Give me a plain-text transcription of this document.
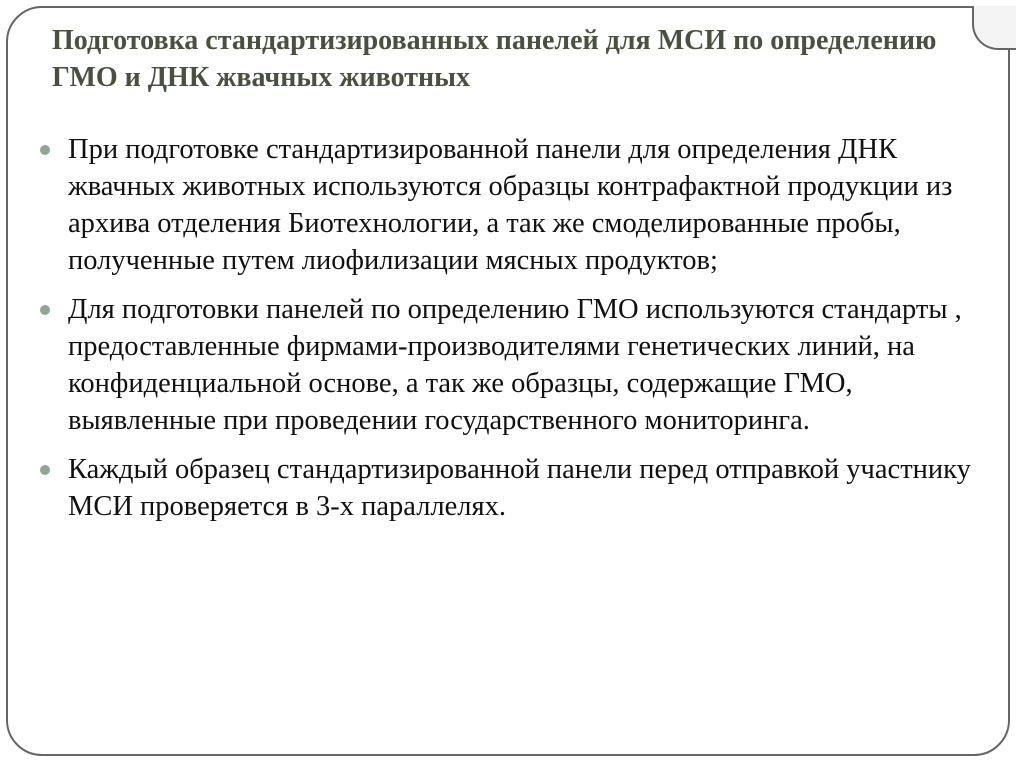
Подготовка стандартизированных панелей для МСИ по определению ГМО и ДНК жвачных животных
При подготовке стандартизированной панели для определения ДНК жвачных животных используются образцы контрафактной продукции из архива отделения Биотехнологии, а так же смоделированные пробы, полученные путем лиофилизации мясных продуктов;
Для подготовки панелей по определению ГМО используются стандарты , предоставленные фирмами-производителями генетических линий, на конфиденциальной основе, а так же образцы, содержащие ГМО, выявленные при проведении государственного мониторинга.
Каждый образец стандартизированной панели перед отправкой участнику МСИ проверяется в 3-х параллелях.
